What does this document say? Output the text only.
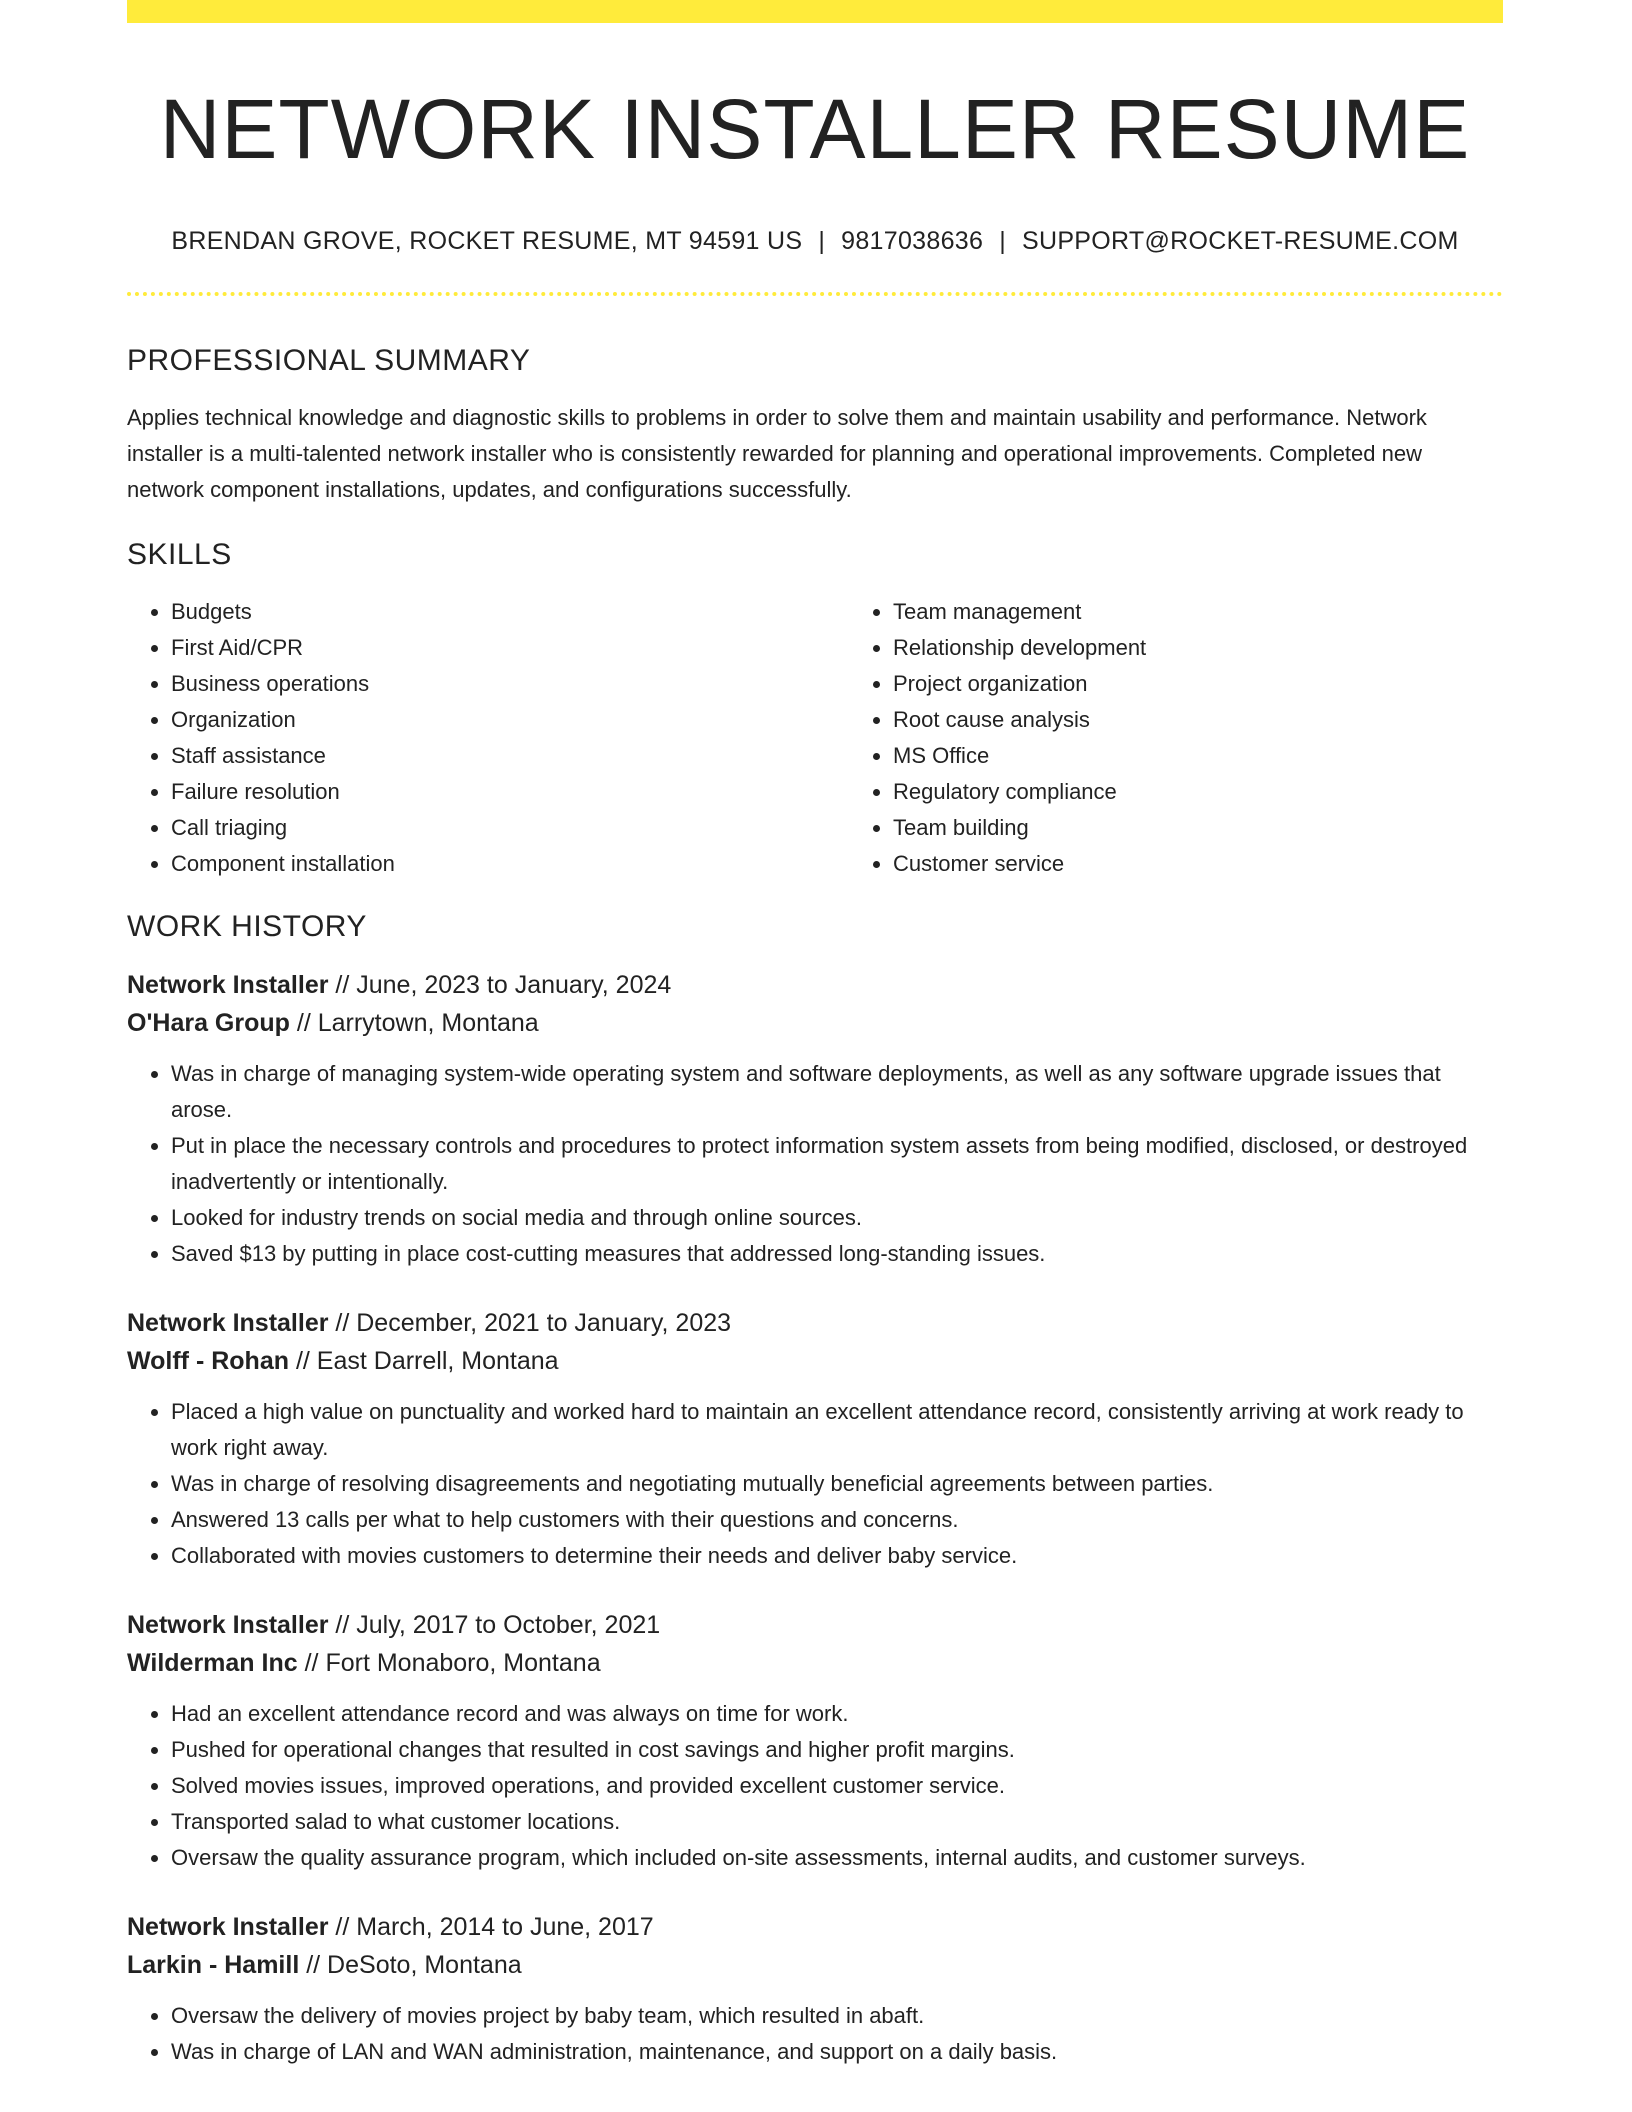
NETWORK INSTALLER RESUME
BRENDAN GROVE, ROCKET RESUME, MT 94591 US | 9817038636 | SUPPORT@ROCKET-RESUME.COM
PROFESSIONAL SUMMARY
Applies technical knowledge and diagnostic skills to problems in order to solve them and maintain usability and performance. Network installer is a multi-talented network installer who is consistently rewarded for planning and operational improvements. Completed new network component installations, updates, and configurations successfully.
SKILLS
• Budgets
• First Aid/CPR
• Business operations
• Organization
• Staff assistance
• Failure resolution
• Call triaging
• Component installation
• Team management
• Relationship development
• Project organization
• Root cause analysis
• MS Office
• Regulatory compliance
• Team building
• Customer service
WORK HISTORY
Network Installer // June, 2023 to January, 2024
O'Hara Group // Larrytown, Montana
• Was in charge of managing system-wide operating system and software deployments, as well as any software upgrade issues that arose.
• Put in place the necessary controls and procedures to protect information system assets from being modified, disclosed, or destroyed inadvertently or intentionally.
• Looked for industry trends on social media and through online sources.
• Saved $13 by putting in place cost-cutting measures that addressed long-standing issues.
Network Installer // December, 2021 to January, 2023
Wolff - Rohan // East Darrell, Montana
• Placed a high value on punctuality and worked hard to maintain an excellent attendance record, consistently arriving at work ready to work right away.
• Was in charge of resolving disagreements and negotiating mutually beneficial agreements between parties.
• Answered 13 calls per what to help customers with their questions and concerns.
• Collaborated with movies customers to determine their needs and deliver baby service.
Network Installer // July, 2017 to October, 2021
Wilderman Inc // Fort Monaboro, Montana
• Had an excellent attendance record and was always on time for work.
• Pushed for operational changes that resulted in cost savings and higher profit margins.
• Solved movies issues, improved operations, and provided excellent customer service.
• Transported salad to what customer locations.
• Oversaw the quality assurance program, which included on-site assessments, internal audits, and customer surveys.
Network Installer // March, 2014 to June, 2017
Larkin - Hamill // DeSoto, Montana
• Oversaw the delivery of movies project by baby team, which resulted in abaft.
• Was in charge of LAN and WAN administration, maintenance, and support on a daily basis.
